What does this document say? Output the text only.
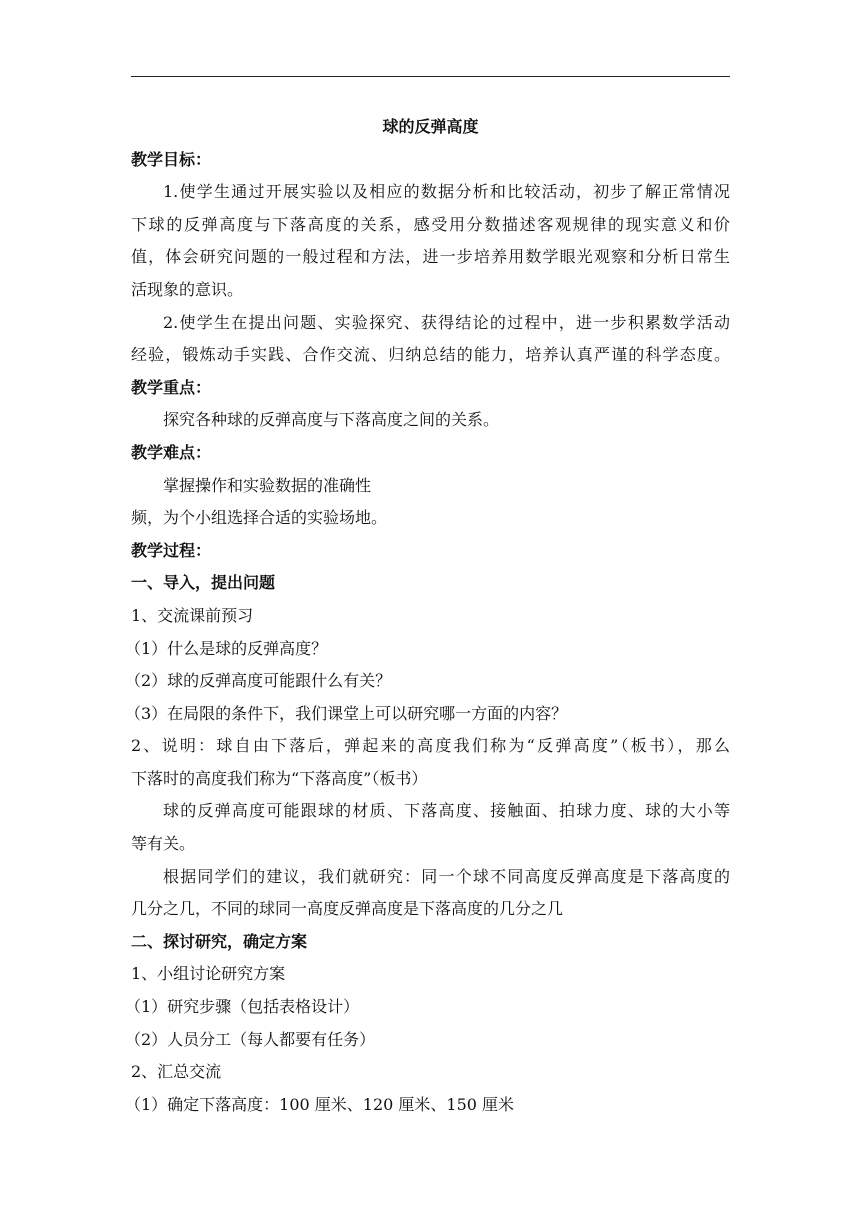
球的反弹高度
教学目标：
1.使学生通过开展实验以及相应的数据分析和比较活动，初步了解正常情况
下球的反弹高度与下落高度的关系，感受用分数描述客观规律的现实意义和价
值，体会研究问题的一般过程和方法，进一步培养用数学眼光观察和分析日常生
活现象的意识。
2.使学生在提出问题、实验探究、获得结论的过程中，进一步积累数学活动
经验，锻炼动手实践、合作交流、归纳总结的能力，培养认真严谨的科学态度。
教学重点：
探究各种球的反弹高度与下落高度之间的关系。
教学难点：
掌握操作和实验数据的准确性
频，为个小组选择合适的实验场地。
教学过程：
一、导入，提出问题
1、交流课前预习
（1）什么是球的反弹高度？
（2）球的反弹高度可能跟什么有关？
（3）在局限的条件下，我们课堂上可以研究哪一方面的内容？
2、说明：球自由下落后，弹起来的高度我们称为“反弹高度”（板书），那么
下落时的高度我们称为“下落高度”（板书）
球的反弹高度可能跟球的材质、下落高度、接触面、拍球力度、球的大小等
等有关。
根据同学们的建议，我们就研究：同一个球不同高度反弹高度是下落高度的
几分之几，不同的球同一高度反弹高度是下落高度的几分之几
二、探讨研究，确定方案
1、小组讨论研究方案
（1）研究步骤（包括表格设计）
（2）人员分工（每人都要有任务）
2、汇总交流
（1）确定下落高度：100 厘米、120 厘米、150 厘米
